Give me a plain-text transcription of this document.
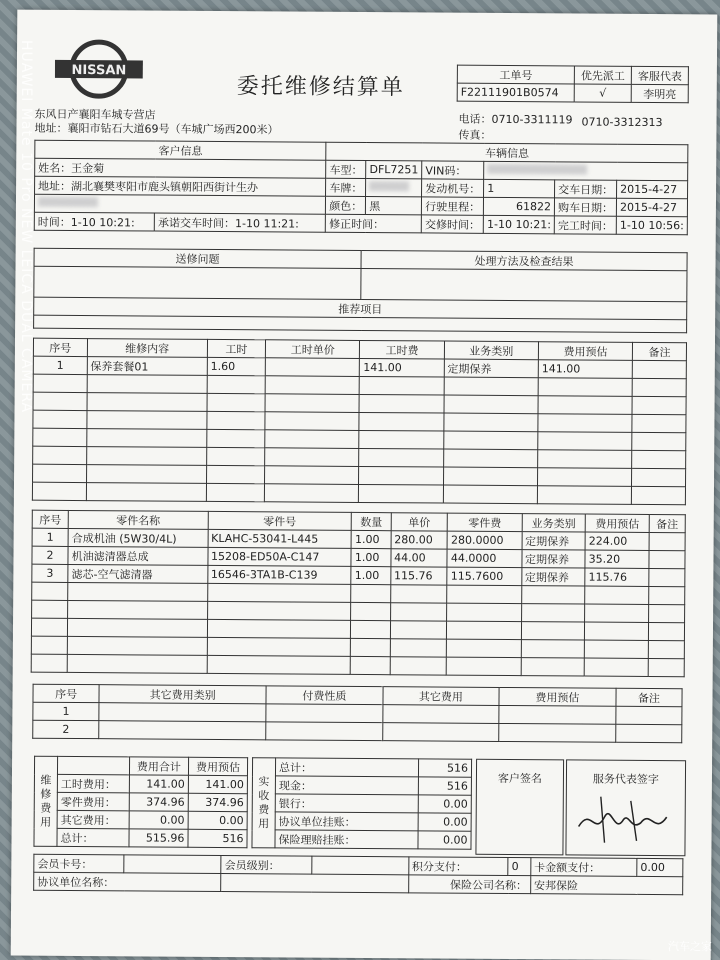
NISSAN
委托维修结算单
东风日产襄阳车城专营店
地址：襄阳市钻石大道69号（车城广场西200米）
电话：0710-3311119 0710-3312313
传真：
工单号	优先派工	客服代表
F22111901B0574	√	李明亮
客户信息		车辆信息					
姓名：王金菊		车型：	DFL7251	VIN码：			
地址：湖北襄樊枣阳市鹿头镇朝阳西街计生办		车牌：		发动机号：	1	交车日期：	2015-4-27
		颜色：	黑	行驶里程：	61822	购车日期：	2015-4-27
时间：1-10 10:21:	承诺交车时间：1-10 11:21:	修正时间：		交修时间：	1-10 10:21:	完工时间：	1-10 10:56:
送修问题	处理方法及检查结果

推荐项目	

序号	维修内容	工时	工时单价	工时费	业务类别	费用预估	备注
1	保养套餐01	1.60		141.00	定期保养	141.00	

序号	零件名称	零件号	数量	单价	零件费	业务类别	费用预估	备注
1	合成机油 (5W30/4L)	KLAHC-53041-L445	1.00	280.00	280.0000	定期保养	224.00	
2	机油滤清器总成	15208-ED50A-C147	1.00	44.00	44.0000	定期保养	35.20	
3	滤芯-空气滤清器	16546-3TA1B-C139	1.00	115.76	115.7600	定期保养	115.76	

序号	其它费用类别	付费性质	其它费用	费用预估	备注
1					
2					
维修费用		费用合计	费用预估
	工时费用：	141.00	141.00
	零件费用：	374.96	374.96
	其它费用：	0.00	0.00
	总计：	515.96	516
实收费用	总计：	516
	现金：	516
	银行：	0.00
	协议单位挂账：	0.00
	保险理赔挂账：	0.00
客户签名	服务代表签字
会员卡号：		会员级别：		积分支付：	0	卡金额支付：	0.00
协议单位名称：				保险公司名称：		安邦保险	
HUAWEI Mate 10 Pro NEW LEICA DUAL CAMERA
汽车之家
